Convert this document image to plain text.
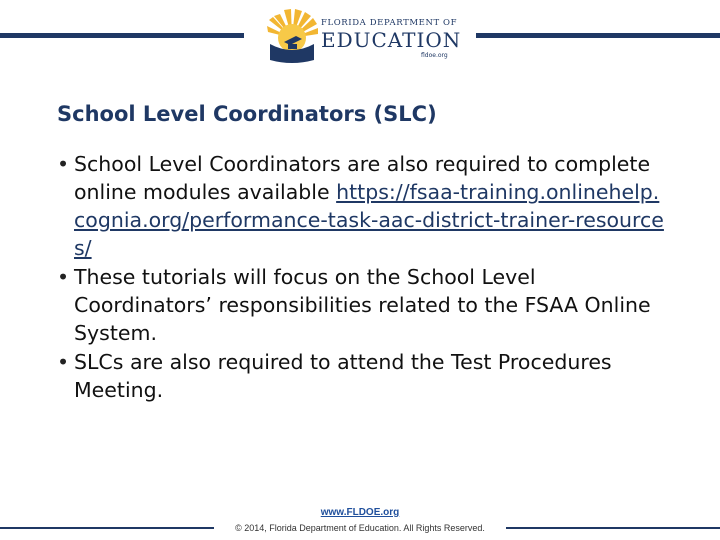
FLORIDA DEPARTMENT OF
EDUCATION
fldoe.org
School Level Coordinators (SLC)
• School Level Coordinators are also required to complete online modules available https://fsaa-training.onlinehelp.cognia.org/performance-task-aac-district-trainer-resources/
• These tutorials will focus on the School Level Coordinators’ responsibilities related to the FSAA Online System.
• SLCs are also required to attend the Test Procedures Meeting.
www.FLDOE.org
© 2014, Florida Department of Education. All Rights Reserved.
